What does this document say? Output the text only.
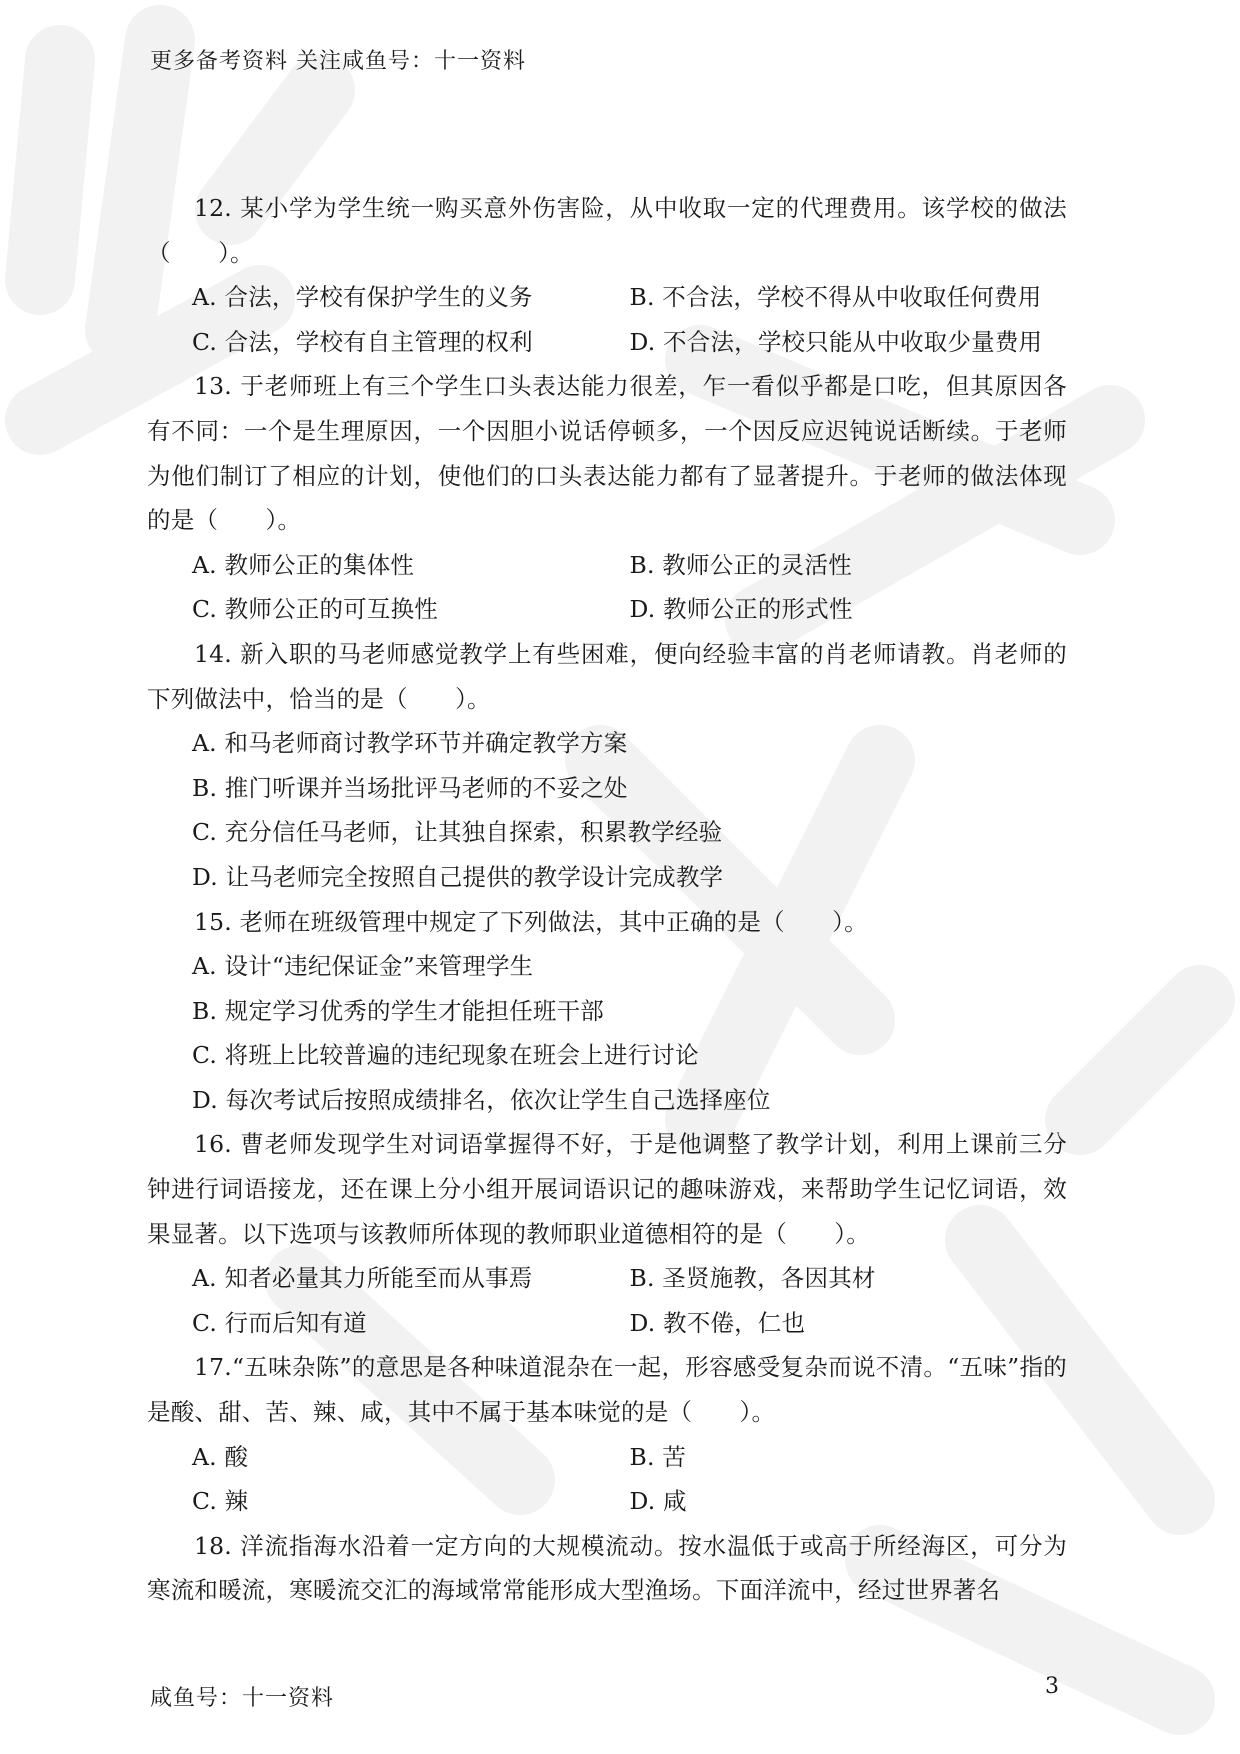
更多备考资料 关注咸鱼号：十一资料

12. 某小学为学生统一购买意外伤害险，从中收取一定的代理费用。该学校的做法（　　）。

A. 合法，学校有保护学生的义务	B. 不合法，学校不得从中收取任何费用
C. 合法，学校有自主管理的权利	D. 不合法，学校只能从中收取少量费用

13. 于老师班上有三个学生口头表达能力很差，乍一看似乎都是口吃，但其原因各有不同：一个是生理原因，一个因胆小说话停顿多，一个因反应迟钝说话断续。于老师为他们制订了相应的计划，使他们的口头表达能力都有了显著提升。于老师的做法体现的是（　　）。

A. 教师公正的集体性	B. 教师公正的灵活性
C. 教师公正的可互换性	D. 教师公正的形式性

14. 新入职的马老师感觉教学上有些困难，便向经验丰富的肖老师请教。肖老师的下列做法中，恰当的是（　　）。

A. 和马老师商讨教学环节并确定教学方案
B. 推门听课并当场批评马老师的不妥之处
C. 充分信任马老师，让其独自探索，积累教学经验
D. 让马老师完全按照自己提供的教学设计完成教学

15. 老师在班级管理中规定了下列做法，其中正确的是（　　）。

A. 设计“违纪保证金”来管理学生
B. 规定学习优秀的学生才能担任班干部
C. 将班上比较普遍的违纪现象在班会上进行讨论
D. 每次考试后按照成绩排名，依次让学生自己选择座位

16. 曹老师发现学生对词语掌握得不好，于是他调整了教学计划，利用上课前三分钟进行词语接龙，还在课上分小组开展词语识记的趣味游戏，来帮助学生记忆词语，效果显著。以下选项与该教师所体现的教师职业道德相符的是（　　）。

A. 知者必量其力所能至而从事焉	B. 圣贤施教，各因其材
C. 行而后知有道	D. 教不倦，仁也

17.“五味杂陈”的意思是各种味道混杂在一起，形容感受复杂而说不清。“五味”指的是酸、甜、苦、辣、咸，其中不属于基本味觉的是（　　）。

A. 酸	B. 苦
C. 辣	D. 咸

18. 洋流指海水沿着一定方向的大规模流动。按水温低于或高于所经海区，可分为寒流和暖流，寒暖流交汇的海域常常能形成大型渔场。下面洋流中，经过世界著名

咸鱼号：十一资料	3
